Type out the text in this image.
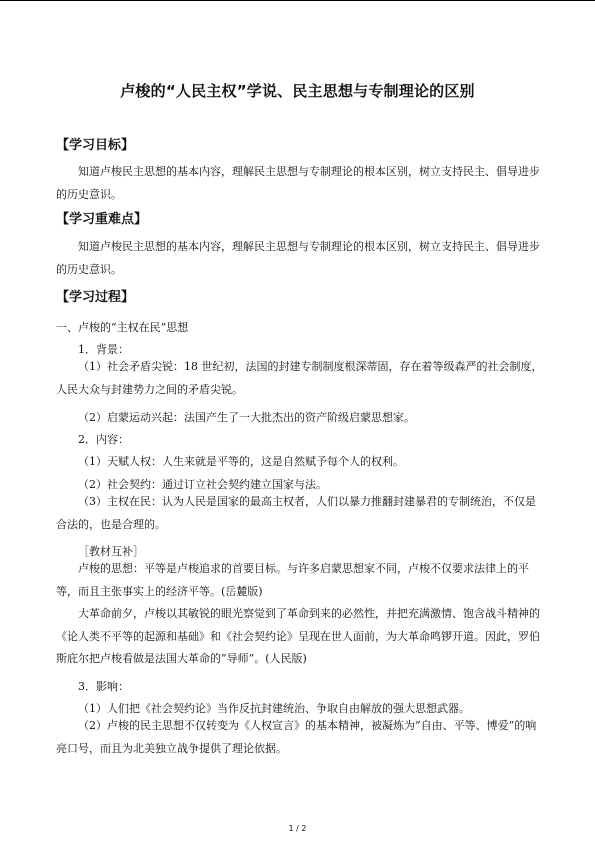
卢梭的“人民主权”学说、民主思想与专制理论的区别
【学习目标】

知道卢梭民主思想的基本内容，理解民主思想与专制理论的根本区别，树立支持民主、倡导进步的历史意识。

【学习重难点】

知道卢梭民主思想的基本内容，理解民主思想与专制理论的根本区别，树立支持民主、倡导进步的历史意识。

【学习过程】
一、卢梭的“主权在民”思想
1．背景：

（1）社会矛盾尖锐：18 世纪初，法国的封建专制制度根深蒂固，存在着等级森严的社会制度，人民大众与封建势力之间的矛盾尖锐。

（2）启蒙运动兴起：法国产生了一大批杰出的资产阶级启蒙思想家。
2．内容：
（1）天赋人权：人生来就是平等的，这是自然赋予每个人的权利。
（2）社会契约：通过订立社会契约建立国家与法。

（3）主权在民：认为人民是国家的最高主权者，人们以暴力推翻封建暴君的专制统治，不仅是合法的，也是合理的。

［教材互补］

卢梭的思想：平等是卢梭追求的首要目标。与许多启蒙思想家不同，卢梭不仅要求法律上的平等，而且主张事实上的经济平等。(岳麓版)

大革命前夕，卢梭以其敏锐的眼光察觉到了革命到来的必然性，并把充满激情、饱含战斗精神的《论人类不平等的起源和基础》和《社会契约论》呈现在世人面前，为大革命鸣锣开道。因此，罗伯斯庇尔把卢梭看做是法国大革命的“导师”。(人民版)

3．影响：
（1）人们把《社会契约论》当作反抗封建统治、争取自由解放的强大思想武器。

（2）卢梭的民主思想不仅转变为《人权宣言》的基本精神，被凝炼为“自由、平等、博爱”的响亮口号，而且为北美独立战争提供了理论依据。

1 / 2
